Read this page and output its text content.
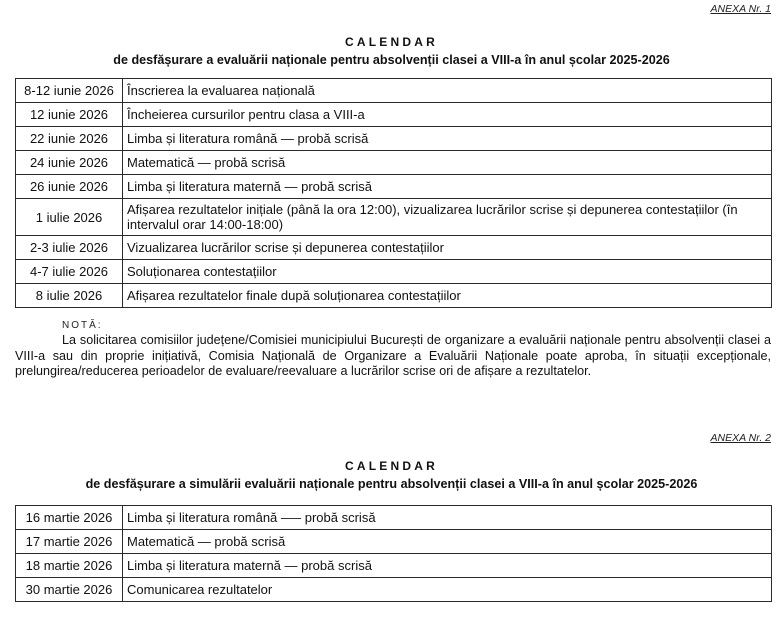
ANEXA Nr. 1
CALENDAR
de desfășurare a evaluării naționale pentru absolvenții clasei a VIII-a în anul școlar 2025-2026
8-12 iunie 2026	Înscrierea la evaluarea națională
12 iunie 2026	Încheierea cursurilor pentru clasa a VIII-a
22 iunie 2026	Limba și literatura română — probă scrisă
24 iunie 2026	Matematică — probă scrisă
26 iunie 2026	Limba și literatura maternă — probă scrisă
1 iulie 2026	Afișarea rezultatelor inițiale (până la ora 12:00), vizualizarea lucrărilor scrise și depunerea contestațiilor (în intervalul orar 14:00-18:00)
2-3 iulie 2026	Vizualizarea lucrărilor scrise și depunerea contestațiilor
4-7 iulie 2026	Soluționarea contestațiilor
8 iulie 2026	Afișarea rezultatelor finale după soluționarea contestațiilor
NOTĂ:
La solicitarea comisiilor județene/Comisiei municipiului București de organizare a evaluării naționale pentru absolvenții clasei a VIII-a sau din proprie inițiativă, Comisia Națională de Organizare a Evaluării Naționale poate aproba, în situații excepționale, prelungirea/reducerea perioadelor de evaluare/reevaluare a lucrărilor scrise ori de afișare a rezultatelor.
ANEXA Nr. 2
CALENDAR
de desfășurare a simulării evaluării naționale pentru absolvenții clasei a VIII-a în anul școlar 2025-2026
16 martie 2026	Limba și literatura română —– probă scrisă
17 martie 2026	Matematică — probă scrisă
18 martie 2026	Limba și literatura maternă — probă scrisă
30 martie 2026	Comunicarea rezultatelor
